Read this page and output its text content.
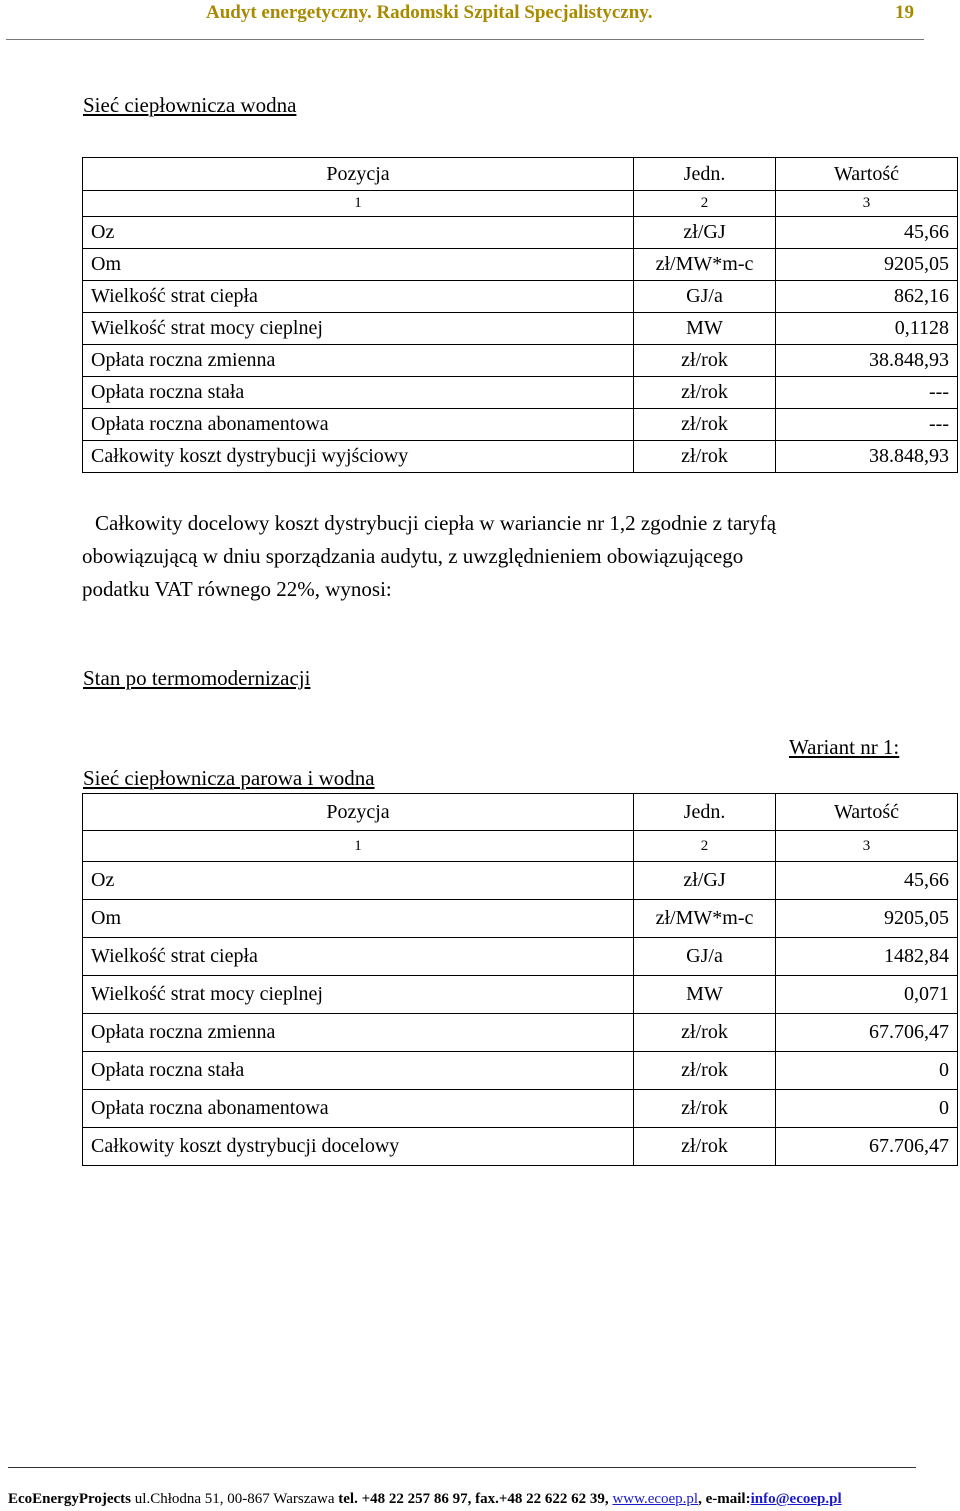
Audyt energetyczny. Radomski Szpital Specjalistyczny.	19
Sieć ciepłownicza wodna
Pozycja	Jedn.	Wartość
1	2	3
Oz	zł/GJ	45,66
Om	zł/MW*m-c	9205,05
Wielkość strat ciepła	GJ/a	862,16
Wielkość strat mocy cieplnej	MW	0,1128
Opłata roczna zmienna	zł/rok	38.848,93
Opłata roczna stała	zł/rok	---
Opłata roczna abonamentowa	zł/rok	---
Całkowity koszt dystrybucji wyjściowy	zł/rok	38.848,93
Całkowity docelowy koszt dystrybucji ciepła w wariancie nr 1,2 zgodnie z taryfą
obowiązującą w dniu sporządzania audytu, z uwzględnieniem obowiązującego
podatku VAT równego 22%, wynosi:
Stan po termomodernizacji
Wariant nr 1:
Sieć ciepłownicza parowa i wodna
Pozycja	Jedn.	Wartość
1	2	3
Oz	zł/GJ	45,66
Om	zł/MW*m-c	9205,05
Wielkość strat ciepła	GJ/a	1482,84
Wielkość strat mocy cieplnej	MW	0,071
Opłata roczna zmienna	zł/rok	67.706,47
Opłata roczna stała	zł/rok	0
Opłata roczna abonamentowa	zł/rok	0
Całkowity koszt dystrybucji docelowy	zł/rok	67.706,47
EcoEnergyProjects ul.Chłodna 51, 00-867 Warszawa tel. +48 22 257 86 97, fax.+48 22 622 62 39, www.ecoep.pl, e-mail:info@ecoep.pl
